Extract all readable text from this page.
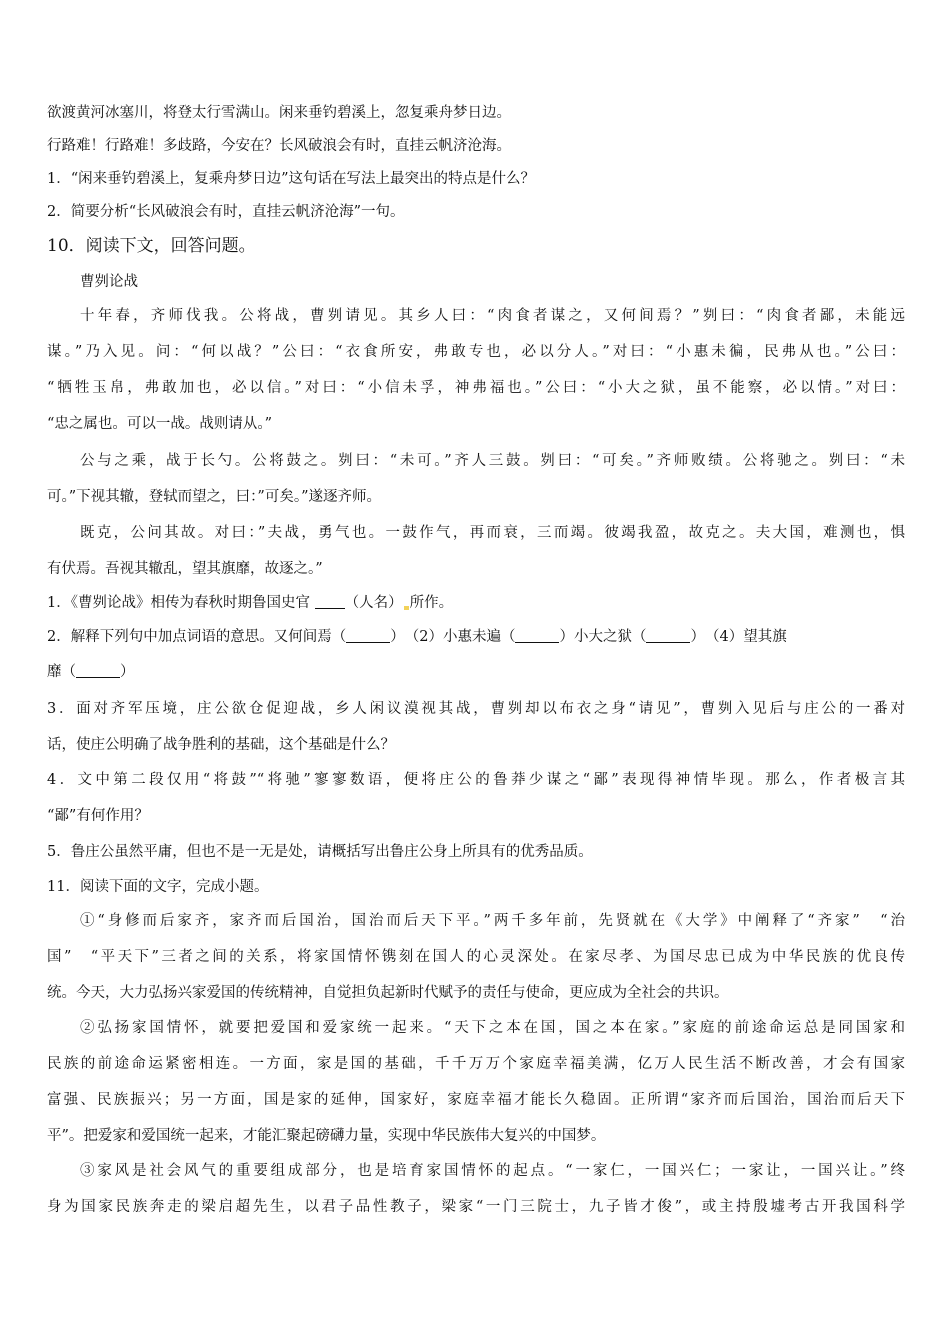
欲渡黄河冰塞川，将登太行雪满山。闲来垂钓碧溪上，忽复乘舟梦日边。
行路难！行路难！多歧路，今安在？长风破浪会有时，直挂云帆济沧海。
1．“闲来垂钓碧溪上，复乘舟梦日边”这句话在写法上最突出的特点是什么？
2．简要分析“长风破浪会有时，直挂云帆济沧海”一句。
10．阅读下文，回答问题。
曹刿论战
十年春，齐师伐我。公将战，曹刿请见。其乡人曰：“肉食者谋之，又何间焉？”刿曰：“肉食者鄙，未能远
谋。”乃入见。问：“何以战？”公曰：“衣食所安，弗敢专也，必以分人。”对曰：“小惠未徧，民弗从也。”公曰：
“牺牲玉帛，弗敢加也，必以信。”对曰：“小信未孚，神弗福也。”公曰：“小大之狱，虽不能察，必以情。”对曰：
“忠之属也。可以一战。战则请从。”
公与之乘，战于长勺。公将鼓之。刿曰：“未可。”齐人三鼓。刿曰：“可矣。”齐师败绩。公将驰之。刿曰：“未
可。”下视其辙，登轼而望之，曰：”可矣。”遂逐齐师。
既克，公问其故。对曰：”夫战，勇气也。一鼓作气，再而衰，三而竭。彼竭我盈，故克之。夫大国，难测也，惧
有伏焉。吾视其辙乱，望其旗靡，故逐之。”
1．《曹刿论战》相传为春秋时期鲁国史官 （人名） 所作。
2．解释下列句中加点词语的意思。又何间焉（	）　（2）小惠未遍（	）小大之狱（	）　（4）望其旗
靡（	）
3．面对齐军压境，庄公欲仓促迎战，乡人闲议漠视其战，曹刿却以布衣之身“请见”，曹刿入见后与庄公的一番对
话，使庄公明确了战争胜利的基础，这个基础是什么？
4．文中第二段仅用“将鼓”“将驰”寥寥数语，便将庄公的鲁莽少谋之“鄙”表现得神情毕现。那么，作者极言其
“鄙”有何作用？
5．鲁庄公虽然平庸，但也不是一无是处，请概括写出鲁庄公身上所具有的优秀品质。
11．阅读下面的文字，完成小题。
①“身修而后家齐，家齐而后国治，国治而后天下平。”两千多年前，先贤就在《大学》中阐释了“齐家”　“治
国”　“平天下”三者之间的关系，将家国情怀镌刻在国人的心灵深处。在家尽孝、为国尽忠已成为中华民族的优良传
统。今天，大力弘扬兴家爱国的传统精神，自觉担负起新时代赋予的责任与使命，更应成为全社会的共识。
②弘扬家国情怀，就要把爱国和爱家统一起来。“天下之本在国，国之本在家。”家庭的前途命运总是同国家和
民族的前途命运紧密相连。一方面，家是国的基础，千千万万个家庭幸福美满，亿万人民生活不断改善，才会有国家
富强、民族振兴；另一方面，国是家的延伸，国家好，家庭幸福才能长久稳固。正所谓“家齐而后国治，国治而后天下
平”。把爱家和爱国统一起来，才能汇聚起磅礴力量，实现中华民族伟大复兴的中国梦。
③家风是社会风气的重要组成部分，也是培育家国情怀的起点。“一家仁，一国兴仁；一家让，一国兴让。”终
身为国家民族奔走的梁启超先生，以君子品性教子，梁家“一门三院士，九子皆才俊”，或主持殷墟考古开我国科学
